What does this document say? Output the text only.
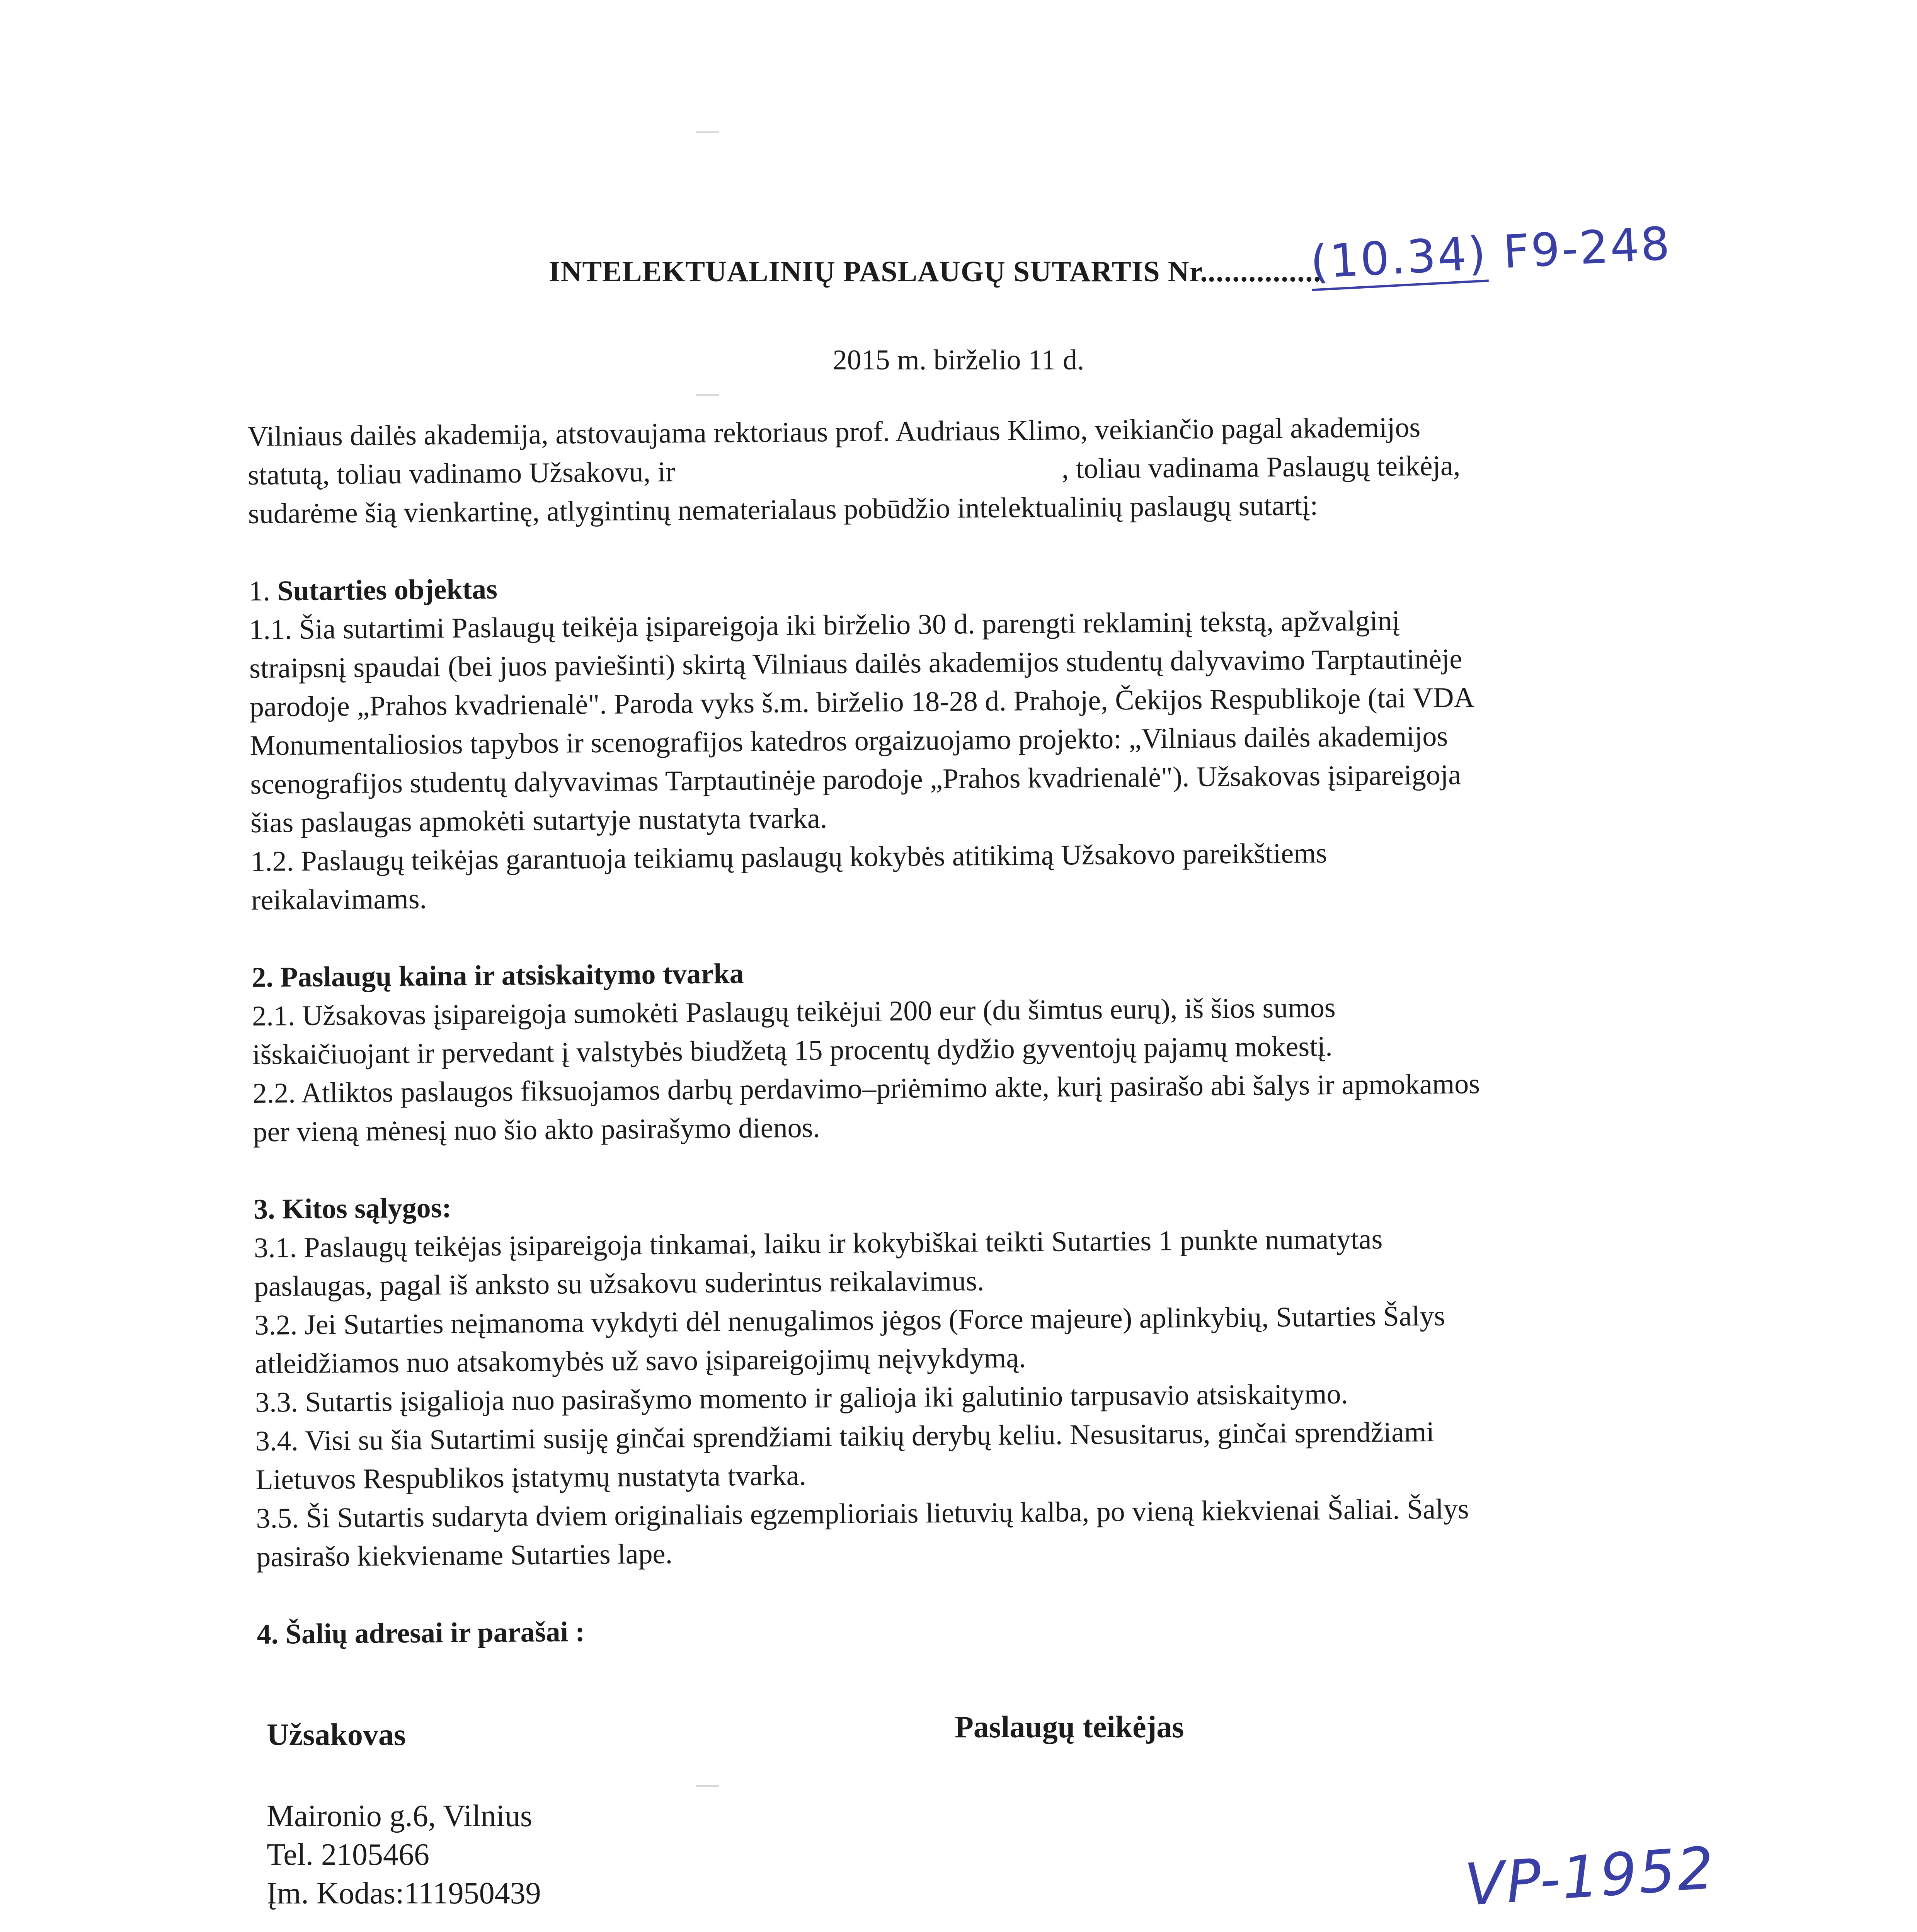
INTELEKTUALINIŲ PASLAUGŲ SUTARTIS Nr...............
(10.34) F9-248
2015 m. birželio 11 d.

Vilniaus dailės akademija, atstovaujama rektoriaus prof. Audriaus Klimo, veikiančio pagal akademijos

statutą, toliau vadinamo Užsakovu, ir	, toliau vadinama Paslaugų teikėja,

sudarėme šią vienkartinę, atlygintinų nematerialaus pobūdžio intelektualinių paslaugų sutartį:

1. Sutarties objektas

1.1. Šia sutartimi Paslaugų teikėja įsipareigoja iki birželio 30 d. parengti reklaminį tekstą, apžvalginį

straipsnį spaudai (bei juos paviešinti) skirtą Vilniaus dailės akademijos studentų dalyvavimo Tarptautinėje

parodoje „Prahos kvadrienalė". Paroda vyks š.m. birželio 18-28 d. Prahoje, Čekijos Respublikoje (tai VDA

Monumentaliosios tapybos ir scenografijos katedros orgaizuojamo projekto: „Vilniaus dailės akademijos

scenografijos studentų dalyvavimas Tarptautinėje parodoje „Prahos kvadrienalė"). Užsakovas įsipareigoja

šias paslaugas apmokėti sutartyje nustatyta tvarka.

1.2. Paslaugų teikėjas garantuoja teikiamų paslaugų kokybės atitikimą Užsakovo pareikštiems

reikalavimams.

2. Paslaugų kaina ir atsiskaitymo tvarka

2.1. Užsakovas įsipareigoja sumokėti Paslaugų teikėjui 200 eur (du šimtus eurų), iš šios sumos

išskaičiuojant ir pervedant į valstybės biudžetą 15 procentų dydžio gyventojų pajamų mokestį.

2.2. Atliktos paslaugos fiksuojamos darbų perdavimo–priėmimo akte, kurį pasirašo abi šalys ir apmokamos

per vieną mėnesį nuo šio akto pasirašymo dienos.

3. Kitos sąlygos:

3.1. Paslaugų teikėjas įsipareigoja tinkamai, laiku ir kokybiškai teikti Sutarties 1 punkte numatytas

paslaugas, pagal iš anksto su užsakovu suderintus reikalavimus.

3.2. Jei Sutarties neįmanoma vykdyti dėl nenugalimos jėgos (Force majeure) aplinkybių, Sutarties Šalys

atleidžiamos nuo atsakomybės už savo įsipareigojimų neįvykdymą.

3.3. Sutartis įsigalioja nuo pasirašymo momento ir galioja iki galutinio tarpusavio atsiskaitymo.

3.4. Visi su šia Sutartimi susiję ginčai sprendžiami taikių derybų keliu. Nesusitarus, ginčai sprendžiami

Lietuvos Respublikos įstatymų nustatyta tvarka.

3.5. Ši Sutartis sudaryta dviem originaliais egzemplioriais lietuvių kalba, po vieną kiekvienai Šaliai. Šalys

pasirašo kiekviename Sutarties lape.

4. Šalių adresai ir parašai :

Užsakovas

Maironio g.6, Vilnius

Tel. 2105466

Įm. Kodas:111950439

Paslaugų teikėjas
VP-1952
